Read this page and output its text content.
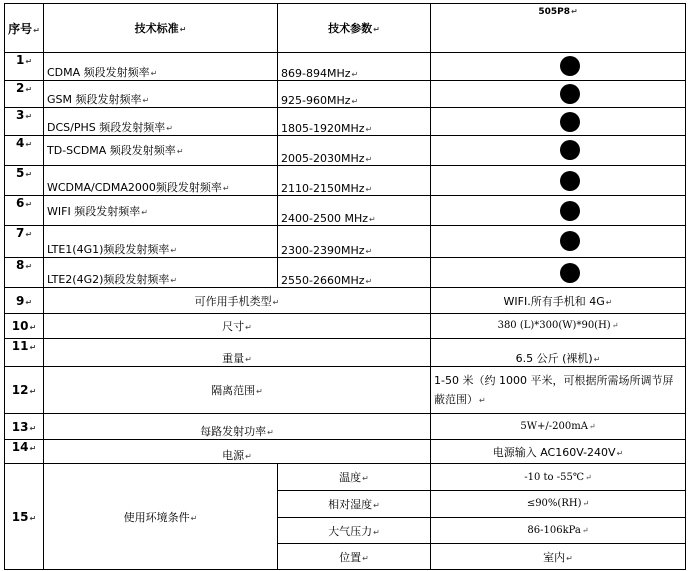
序号↵	技术标准↵	技术参数↵	505P8↵
1↵	CDMA 频段发射频率↵	869-894MHz↵	
2↵	GSM 频段发射频率↵	925-960MHz↵	
3↵	DCS/PHS 频段发射频率↵	1805-1920MHz↵	
4↵	TD-SCDMA 频段发射频率↵	2005-2030MHz↵	
5↵	WCDMA/CDMA2000频段发射频率↵	2110-2150MHz↵	
6↵	WIFI 频段发射频率↵	2400-2500 MHz↵	
7↵	LTE1(4G1)频段发射频率↵	2300-2390MHz↵	
8↵	LTE2(4G2)频段发射频率↵	2550-2660MHz↵	
9↵	可作用手机类型↵		WIFI.所有手机和 4G↵
10↵	尺寸↵		380 (L)*300(W)*90(H)↵
11↵	重量↵		6.5 公斤 (裸机)↵
12↵	隔离范围↵		1-50 米（约 1000 平米，可根据所需场所调节屏蔽范围）↵
13↵	每路发射功率↵		5W+/-200mA↵
14↵	电源↵		电源输入 AC160V-240V↵
15↵	使用环境条件↵	温度↵	-10 to -55℃↵
		相对湿度↵	≤90%(RH)↵
		大气压力↵	86-106kPa↵
		位置↵	室内↵
